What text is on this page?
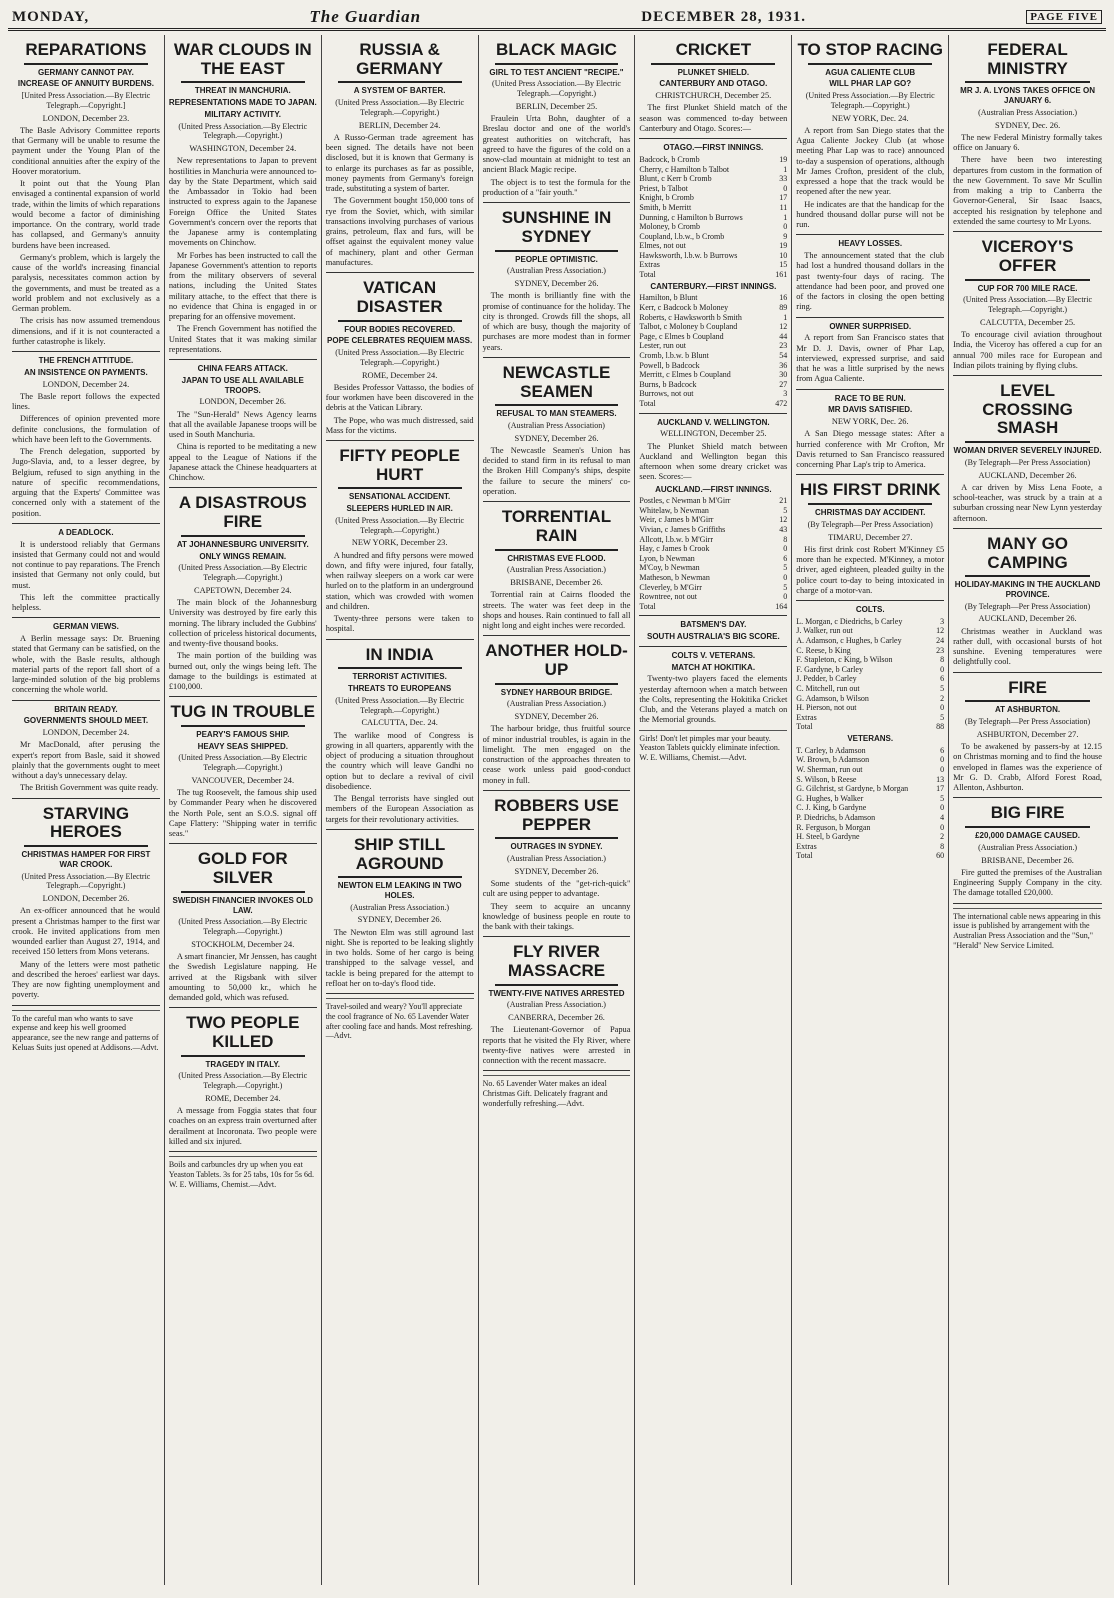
MONDAY,	The Guardian	DECEMBER 28, 1931.	PAGE FIVE
REPARATIONS
GERMANY CANNOT PAY.
INCREASE OF ANNUITY BURDENS.
[United Press Association.—By Electric Telegraph.—Copyright.]
LONDON, December 23.

The Basle Advisory Committee reports that Germany will be unable to resume the payment under the Young Plan of the conditional annuities after the expiry of the Hoover moratorium.

It point out that the Young Plan envisaged a continental expansion of world trade, within the limits of which reparations would become a factor of diminishing importance. On the contrary, world trade has collapsed, and Germany's annuity burdens have been increased.

Germany's problem, which is largely the cause of the world's increasing financial paralysis, necessitates common action by the governments, and must be treated as a world problem and not exclusively as a German problem.

The crisis has now assumed tremendous dimensions, and if it is not counteracted a further catastrophe is likely.

THE FRENCH ATTITUDE.
AN INSISTENCE ON PAYMENTS.
LONDON, December 24.

The Basle report follows the expected lines.

Differences of opinion prevented more definite conclusions, the formulation of which have been left to the Governments.

The French delegation, supported by Jugo-Slavia, and, to a lesser degree, by Belgium, refused to sign anything in the nature of specific recommendations, arguing that the Experts' Committee was concerned only with a statement of the position.

A DEADLOCK.

It is understood reliably that Germans insisted that Germany could not and would not continue to pay reparations. The French insisted that Germany not only could, but must.

This left the committee practically helpless.

GERMAN VIEWS.

A Berlin message says: Dr. Bruening stated that Germany can be satisfied, on the whole, with the Basle results, although material parts of the report fall short of a large-minded solution of the big problems concerning the whole world.

BRITAIN READY.
GOVERNMENTS SHOULD MEET.
LONDON, December 24.

Mr MacDonald, after perusing the expert's report from Basle, said it showed plainly that the governments ought to meet without a day's unnecessary delay.

The British Government was quite ready.

STARVING HEROES
CHRISTMAS HAMPER FOR FIRST WAR CROOK.
(United Press Association.—By Electric Telegraph.—Copyright.)
LONDON, December 26.

An ex-officer announced that he would present a Christmas hamper to the first war crook. He invited applications from men wounded earlier than August 27, 1914, and received 150 letters from Mons veterans.

Many of the letters were most pathetic and described the heroes' earliest war days. They are now fighting unemployment and poverty.

To the careful man who wants to save expense and keep his well groomed appearance, see the new range and patterns of Keluas Suits just opened at Addisons.—Advt.
WAR CLOUDS IN THE EAST
THREAT IN MANCHURIA.
REPRESENTATIONS MADE TO JAPAN.
MILITARY ACTIVITY.
(United Press Association.—By Electric Telegraph.—Copyright.)
WASHINGTON, December 24.

New representations to Japan to prevent hostilities in Manchuria were announced to-day by the State Department, which said the Ambassador in Tokio had been instructed to express again to the Japanese Foreign Office the United States Government's concern over the reports that the Japanese army is contemplating movements on Chinchow.

Mr Forbes has been instructed to call the Japanese Government's attention to reports from the military observers of several nations, including the United States military attache, to the effect that there is no evidence that China is engaged in or preparing for an offensive movement.

The French Government has notified the United States that it was making similar representations.

CHINA FEARS ATTACK.
JAPAN TO USE ALL AVAILABLE TROOPS.
LONDON, December 26.

The "Sun-Herald" News Agency learns that all the available Japanese troops will be used in South Manchuria.

China is reported to be meditating a new appeal to the League of Nations if the Japanese attack the Chinese headquarters at Chinchow.

A DISASTROUS FIRE
AT JOHANNESBURG UNIVERSITY.
ONLY WINGS REMAIN.
(United Press Association.—By Electric Telegraph.—Copyright.)
CAPETOWN, December 24.

The main block of the Johannesburg University was destroyed by fire early this morning. The library included the Gubbins' collection of priceless historical documents, and twenty-five thousand books.

The main portion of the building was burned out, only the wings being left. The damage to the buildings is estimated at £100,000.

TUG IN TROUBLE
PEARY'S FAMOUS SHIP.
HEAVY SEAS SHIPPED.
(United Press Association.—By Electric Telegraph.—Copyright.)
VANCOUVER, December 24.

The tug Roosevelt, the famous ship used by Commander Peary when he discovered the North Pole, sent an S.O.S. signal off Cape Flattery: "Shipping water in terrific seas."

GOLD FOR SILVER
SWEDISH FINANCIER INVOKES OLD LAW.
(United Press Association.—By Electric Telegraph.—Copyright.)
STOCKHOLM, December 24.

A smart financier, Mr Jenssen, has caught the Swedish Legislature napping. He arrived at the Rigsbank with silver amounting to 50,000 kr., which he demanded gold, which was refused.

TWO PEOPLE KILLED
TRAGEDY IN ITALY.
(United Press Association.—By Electric Telegraph.—Copyright.)
ROME, December 24.

A message from Foggia states that four coaches on an express train overturned after derailment at Incoronata. Two people were killed and six injured.

Boils and carbuncles dry up when you eat Yeaston Tablets. 3s for 25 tabs, 10s for 5s 6d. W. E. Williams, Chemist.—Advt.
RUSSIA & GERMANY
A SYSTEM OF BARTER.
(United Press Association.—By Electric Telegraph.—Copyright.)
BERLIN, December 24.

A Russo-German trade agreement has been signed. The details have not been disclosed, but it is known that Germany is to enlarge its purchases as far as possible, money payments from Germany's foreign trade, substituting a system of barter.

The Government bought 150,000 tons of rye from the Soviet, which, with similar transactions involving purchases of various grains, petroleum, flax and furs, will be offset against the equivalent money value of machinery, plant and other German manufactures.

VATICAN DISASTER
FOUR BODIES RECOVERED.
POPE CELEBRATES REQUIEM MASS.
(United Press Association.—By Electric Telegraph.—Copyright.)
ROME, December 24.

Besides Professor Vattasso, the bodies of four workmen have been discovered in the debris at the Vatican Library.

The Pope, who was much distressed, said Mass for the victims.

FIFTY PEOPLE HURT
SENSATIONAL ACCIDENT.
SLEEPERS HURLED IN AIR.
(United Press Association.—By Electric Telegraph.—Copyright.)
NEW YORK, December 23.

A hundred and fifty persons were mowed down, and fifty were injured, four fatally, when railway sleepers on a work car were hurled on to the platform in an underground station, which was crowded with women and children.

Twenty-three persons were taken to hospital.

IN INDIA
TERRORIST ACTIVITIES.
THREATS TO EUROPEANS
(United Press Association.—By Electric Telegraph.—Copyright.)
CALCUTTA, Dec. 24.

The warlike mood of Congress is growing in all quarters, apparently with the object of producing a situation throughout the country which will leave Gandhi no option but to declare a revival of civil disobedience.

The Bengal terrorists have singled out members of the European Association as targets for their revolutionary activities.

SHIP STILL AGROUND
NEWTON ELM LEAKING IN TWO HOLES.
(Australian Press Association.)
SYDNEY, December 26.

The Newton Elm was still aground last night. She is reported to be leaking slightly in two holds. Some of her cargo is being transhipped to the salvage vessel, and tackle is being prepared for the attempt to refloat her on to-day's flood tide.

Travel-soiled and weary? You'll appreciate the cool fragrance of No. 65 Lavender Water after cooling face and hands. Most refreshing.—Advt.
BLACK MAGIC
GIRL TO TEST ANCIENT "RECIPE."
(United Press Association.—By Electric Telegraph.—Copyright.)
BERLIN, December 25.

Fraulein Urta Bohn, daughter of a Breslau doctor and one of the world's greatest authorities on witchcraft, has agreed to have the figures of the cold on a snow-clad mountain at midnight to test an ancient Black Magic recipe.

The object is to test the formula for the production of a "fair youth."

SUNSHINE IN SYDNEY
PEOPLE OPTIMISTIC.
(Australian Press Association.)
SYDNEY, December 26.

The month is brilliantly fine with the promise of continuance for the holiday. The city is thronged. Crowds fill the shops, all of which are busy, though the majority of purchases are more modest than in former years.

NEWCASTLE SEAMEN
REFUSAL TO MAN STEAMERS.
(Australian Press Association)
SYDNEY, December 26.

The Newcastle Seamen's Union has decided to stand firm in its refusal to man the Broken Hill Company's ships, despite the failure to secure the miners' co-operation.

TORRENTIAL RAIN
CHRISTMAS EVE FLOOD.
(Australian Press Association.)
BRISBANE, December 26.

Torrential rain at Cairns flooded the streets. The water was feet deep in the shops and houses. Rain continued to fall all night long and eight inches were recorded.

ANOTHER HOLD-UP
SYDNEY HARBOUR BRIDGE.
(Australian Press Association.)
SYDNEY, December 26.

The harbour bridge, thus fruitful source of minor industrial troubles, is again in the limelight. The men engaged on the construction of the approaches threaten to cease work unless paid good-conduct money in full.

ROBBERS USE PEPPER
OUTRAGES IN SYDNEY.
(Australian Press Association.)
SYDNEY, December 26.

Some students of the "get-rich-quick" cult are using pepper to advantage.

They seem to acquire an uncanny knowledge of business people en route to the bank with their takings.

FLY RIVER MASSACRE
TWENTY-FIVE NATIVES ARRESTED
(Australian Press Association.)
CANBERRA, December 26.

The Lieutenant-Governor of Papua reports that he visited the Fly River, where twenty-five natives were arrested in connection with the recent massacre.

No. 65 Lavender Water makes an ideal Christmas Gift. Delicately fragrant and wonderfully refreshing.—Advt.
CRICKET
PLUNKET SHIELD.
CANTERBURY AND OTAGO.
CHRISTCHURCH, December 25.

The first Plunket Shield match of the season was commenced to-day between Canterbury and Otago. Scores:—

OTAGO.—FIRST INNINGS.
Badcock, b Cromb	19
Cherry, c Hamilton b Talbot	1
Blunt, c Kerr b Cromb	33
Priest, b Talbot	0
Knight, b Cromb	17
Smith, b Merritt	11
Dunning, c Hamilton b Burrows	1
Moloney, b Cromb	0
Coupland, l.b.w., b Cromb	9
Elmes, not out	19
Hawksworth, l.b.w. b Burrows	10
Extras	15
Total	161
CANTERBURY.—FIRST INNINGS.
Hamilton, b Blunt	16
Kerr, c Badcock b Moloney	89
Roberts, c Hawksworth b Smith	1
Talbot, c Moloney b Coupland	12
Page, c Elmes b Coupland	44
Lester, run out	23
Cromb, l.b.w. b Blunt	54
Powell, b Badcock	36
Merritt, c Elmes b Coupland	30
Burns, b Badcock	27
Burrows, not out	3
Total	472
AUCKLAND V. WELLINGTON.
WELLINGTON, December 25.

The Plunket Shield match between Auckland and Wellington began this afternoon when some dreary cricket was seen. Scores:—

AUCKLAND.—FIRST INNINGS.
Postles, c Newman b M'Girr	21
Whitelaw, b Newman	5
Weir, c James b M'Girr	12
Vivian, c James b Griffiths	43
Allcott, l.b.w. b M'Girr	8
Hay, c James b Crook	0
Lyon, b Newman	6
M'Coy, b Newman	5
Matheson, b Newman	0
Cleverley, b M'Girr	5
Rowntree, not out	0
Total	164
BATSMEN'S DAY.
SOUTH AUSTRALIA'S BIG SCORE.
COLTS V. VETERANS.
MATCH AT HOKITIKA.

Twenty-two players faced the elements yesterday afternoon when a match between the Colts, representing the Hokitika Cricket Club, and the Veterans played a match on the Memorial grounds.

Girls! Don't let pimples mar your beauty. Yeaston Tablets quickly eliminate infection. W. E. Williams, Chemist.—Advt.
TO STOP RACING
AGUA CALIENTE CLUB
WILL PHAR LAP GO?
(United Press Association.—By Electric Telegraph.—Copyright.)
NEW YORK, Dec. 24.

A report from San Diego states that the Agua Caliente Jockey Club (at whose meeting Phar Lap was to race) announced to-day a suspension of operations, although Mr James Crofton, president of the club, expressed a hope that the track would be reopened after the new year.

He indicates are that the handicap for the hundred thousand dollar purse will not be run.

HEAVY LOSSES.

The announcement stated that the club had lost a hundred thousand dollars in the past twenty-four days of racing. The attendance had been poor, and proved one of the factors in closing the open betting ring.

OWNER SURPRISED.

A report from San Francisco states that Mr D. J. Davis, owner of Phar Lap, interviewed, expressed surprise, and said that he was a little surprised by the news from Agua Caliente.

RACE TO BE RUN.
MR DAVIS SATISFIED.
NEW YORK, Dec. 26.

A San Diego message states: After a hurried conference with Mr Crofton, Mr Davis returned to San Francisco reassured concerning Phar Lap's trip to America.

HIS FIRST DRINK
CHRISTMAS DAY ACCIDENT.
(By Telegraph—Per Press Association)
TIMARU, December 27.

His first drink cost Robert M'Kinney £5 more than he expected. M'Kinney, a motor driver, aged eighteen, pleaded guilty in the police court to-day to being intoxicated in charge of a motor-van.

COLTS.
L. Morgan, c Diedrichs, b Carley	3
J. Walker, run out	12
A. Adamson, c Hughes, b Carley	24
C. Reese, b King	23
F. Stapleton, c King, b Wilson	8
F. Gardyne, b Carley	0
J. Pedder, b Carley	6
C. Mitchell, run out	5
G. Adamson, b Wilson	2
H. Pierson, not out	0
Extras	5
Total	88
VETERANS.
T. Carley, b Adamson	6
W. Brown, b Adamson	0
W. Sherman, run out	0
S. Wilson, b Reese	13
G. Gilchrist, st Gardyne, b Morgan	17
G. Hughes, b Walker	5
C. J. King, b Gardyne	0
P. Diedrichs, b Adamson	4
R. Ferguson, b Morgan	0
H. Steel, b Gardyne	2
Extras	8
Total	60
FEDERAL MINISTRY
MR J. A. LYONS TAKES OFFICE ON JANUARY 6.
(Australian Press Association.)
SYDNEY, Dec. 26.

The new Federal Ministry formally takes office on January 6.

There have been two interesting departures from custom in the formation of the new Government. To save Mr Scullin from making a trip to Canberra the Governor-General, Sir Isaac Isaacs, accepted his resignation by telephone and extended the same courtesy to Mr Lyons.

VICEROY'S OFFER
CUP FOR 700 MILE RACE.
(United Press Association.—By Electric Telegraph.—Copyright.)
CALCUTTA, December 25.

To encourage civil aviation throughout India, the Viceroy has offered a cup for an annual 700 miles race for European and Indian pilots training by flying clubs.

LEVEL CROSSING SMASH
WOMAN DRIVER SEVERELY INJURED.
(By Telegraph—Per Press Association)
AUCKLAND, December 26.

A car driven by Miss Lena Foote, a school-teacher, was struck by a train at a suburban crossing near New Lynn yesterday afternoon.

MANY GO CAMPING
HOLIDAY-MAKING IN THE AUCKLAND PROVINCE.
(By Telegraph—Per Press Association)
AUCKLAND, December 26.

Christmas weather in Auckland was rather dull, with occasional bursts of hot sunshine. Evening temperatures were delightfully cool.

FIRE
AT ASHBURTON.
(By Telegraph—Per Press Association)
ASHBURTON, December 27.

To be awakened by passers-by at 12.15 on Christmas morning and to find the house enveloped in flames was the experience of Mr G. D. Crabb, Alford Forest Road, Allenton, Ashburton.

BIG FIRE
£20,000 DAMAGE CAUSED.
(Australian Press Association.)
BRISBANE, December 26.

Fire gutted the premises of the Australian Engineering Supply Company in the city. The damage totalled £20,000.

The international cable news appearing in this issue is published by arrangement with the Australian Press Association and the "Sun," "Herald" New Service Limited.
